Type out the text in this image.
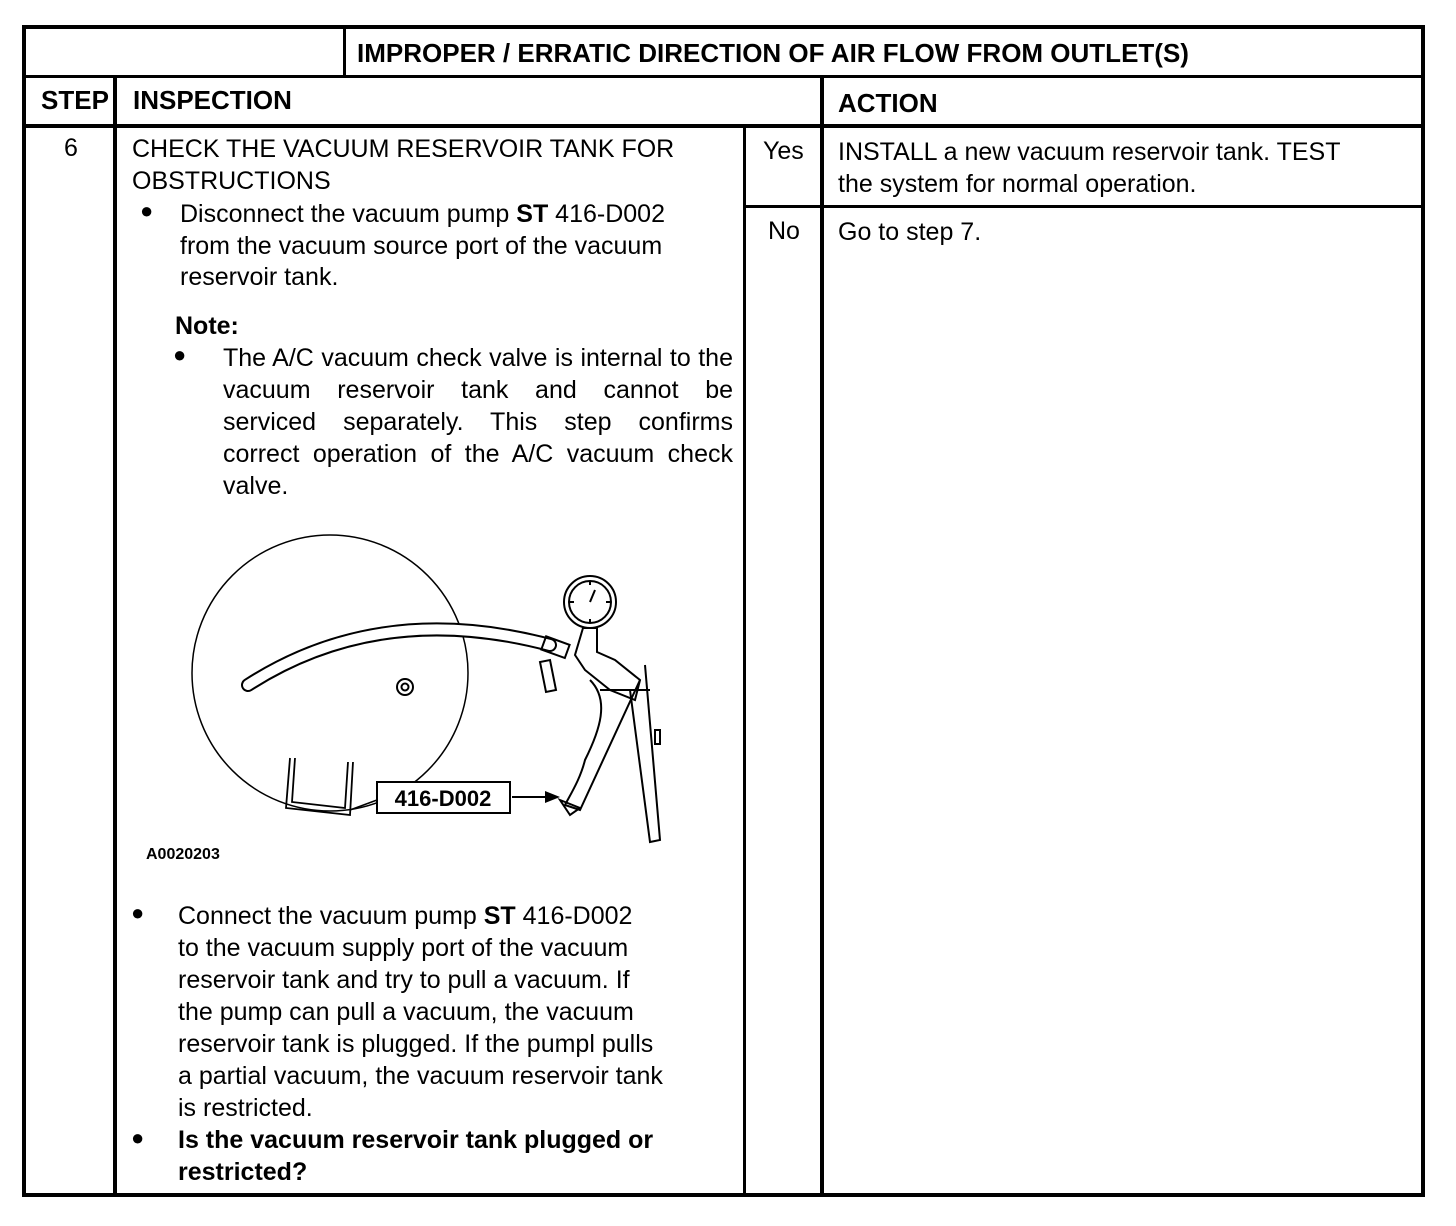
IMPROPER / ERRATIC DIRECTION OF AIR FLOW FROM OUTLET(S)
STEP INSPECTION	ACTION
6 CHECK THE VACUUM RESERVOIR TANK FOR
OBSTRUCTIONS
● Disconnect the vacuum pump ST 416-D002
from the vacuum source port of the vacuum
reservoir tank.
Note:
● The A/C vacuum check valve is internal to the vacuum reservoir tank and cannot be serviced separately. This step confirms correct operation of the A/C vacuum check valve.
416-D002
A0020203
● Connect the vacuum pump ST 416-D002
to the vacuum supply port of the vacuum
reservoir tank and try to pull a vacuum. If
the pump can pull a vacuum, the vacuum
reservoir tank is plugged. If the pumpl pulls
a partial vacuum, the vacuum reservoir tank
is restricted.
● Is the vacuum reservoir tank plugged or
restricted?
Yes INSTALL a new vacuum reservoir tank. TEST
the system for normal operation.
No Go to step 7.
